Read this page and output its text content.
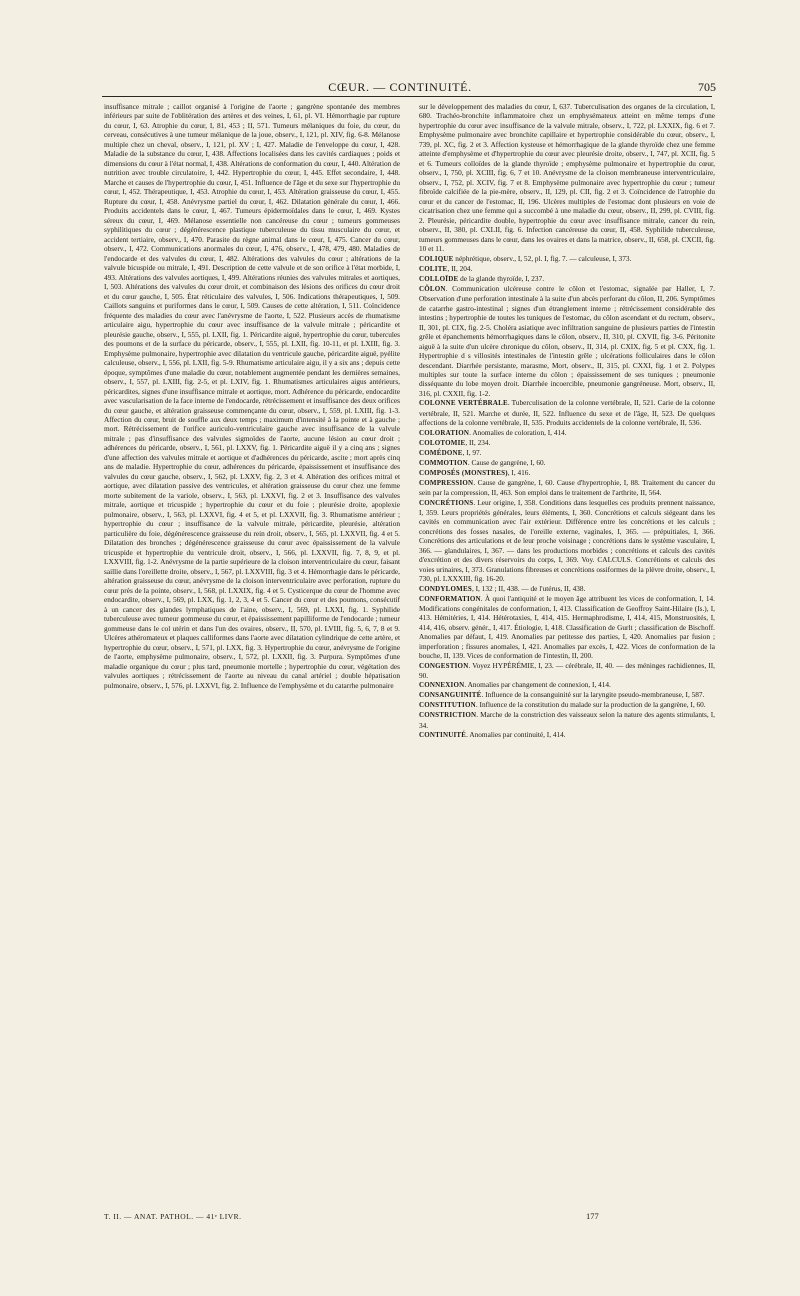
CŒUR. — CONTINUITÉ.	705

insuffisance mitrale ; caillot organisé à l'origine de l'aorte ; gangrène spontanée des membres inférieurs par suite de l'oblitération des artères et des veines, I, 61, pl. VI. Hémorrhagie par rupture du cœur, I, 63. Atrophie du cœur, I, 81, 453 ; II, 571. Tumeurs mélaniques du foie, du cœur, du cerveau, consécutives à une tumeur mélanique de la joue, observ., I, 121, pl. XIV, fig. 6-8. Mélanose multiple chez un cheval, observ., I, 121, pl. XV ; I, 427. Maladie de l'enveloppe du cœur, I, 428. Maladie de la substance du cœur, I, 438. Affections localisées dans les cavités cardiaques ; poids et dimensions du cœur à l'état normal, I, 438. Altérations de conformation du cœur, I, 440. Altération de nutrition avec trouble circulatoire, I, 442. Hypertrophie du cœur, I, 445. Effet secondaire, I, 448. Marche et causes de l'hypertrophie du cœur, I, 451. Influence de l'âge et du sexe sur l'hypertrophie du cœur, I, 452. Thérapeutique, I, 453. Atrophie du cœur, I, 453. Altération graisseuse du cœur, I, 455. Rupture du cœur, I, 458. Anévrysme partiel du cœur, I, 462. Dilatation générale du cœur, I, 466. Produits accidentels dans le cœur, I, 467. Tumeurs épidermoïdales dans le cœur, I, 469. Kystes séreux du cœur, I, 469. Mélanose essentielle non cancéreuse du cœur ; tumeurs gommeuses syphilitiques du cœur ; dégénérescence plastique tuberculeuse du tissu musculaire du cœur, et accident tertiaire, observ., I, 470. Parasite du règne animal dans le cœur, I, 475. Cancer du cœur, observ., I, 472. Communications anormales du cœur, I, 476, observ., I, 478, 479, 480. Maladies de l'endocarde et des valvules du cœur, I, 482. Altérations des valvules du cœur ; altérations de la valvule bicuspide ou mitrale, I, 491. Description de cette valvule et de son orifice à l'état morbide, I, 493. Altérations des valvules aortiques, I, 499. Altérations réunies des valvules mitrales et aortiques, I, 503. Altérations des valvules du cœur droit, et combinaison des lésions des orifices du cœur droit et du cœur gauche, I, 505. État réticulaire des valvules, I, 506. Indications thérapeutiques, I, 509. Caillots sanguins et puriformes dans le cœur, I, 509. Causes de cette altération, I, 511. Coïncidence fréquente des maladies du cœur avec l'anévrysme de l'aorte, I, 522. Plusieurs accès de rhumatisme articulaire aigu, hypertrophie du cœur avec insuffisance de la valvule mitrale ; péricardite et pleurésie gauche, observ., I, 555, pl. LXII, fig. 1. Péricardite aiguë, hypertrophie du cœur, tubercules des poumons et de la surface du péricarde, observ., I, 555, pl. LXII, fig. 10-11, et pl. LXIII, fig. 3. Emphysème pulmonaire, hypertrophie avec dilatation du ventricule gauche, péricardite aiguë, pyélite calculeuse, observ., I, 556, pl. LXII, fig. 5-9. Rhumatisme articulaire aigu, il y a six ans ; depuis cette époque, symptômes d'une maladie du cœur, notablement augmentée pendant les dernières semaines, observ., I, 557, pl. LXIII, fig. 2-5, et pl. LXIV, fig. 1. Rhumatismes articulaires aigus antérieurs, péricardites, signes d'une insuffisance mitrale et aortique, mort. Adhérence du péricarde, endocardite avec vascularisation de la face interne de l'endocarde, rétrécissement et insuffisance des deux orifices du cœur gauche, et altération graisseuse commençante du cœur, observ., I, 559, pl. LXIII, fig. 1-3. Affection du cœur, bruit de souffle aux deux temps ; maximum d'intensité à la pointe et à gauche ; mort. Rétrécissement de l'orifice auriculo-ventriculaire gauche avec insuffisance de la valvule mitrale ; pas d'insuffisance des valvules sigmoïdes de l'aorte, aucune lésion au cœur droit ; adhérences du péricarde, observ., I, 561, pl. LXXV, fig. 1. Péricardite aiguë il y a cinq ans ; signes d'une affection des valvules mitrale et aortique et d'adhérences du péricarde, ascite ; mort après cinq ans de maladie. Hypertrophie du cœur, adhérences du péricarde, épaississement et insuffisance des valvules du cœur gauche, observ., I, 562, pl. LXXV, fig. 2, 3 et 4. Altération des orifices mitral et aortique, avec dilatation passive des ventricules, et altération graisseuse du cœur chez une femme morte subitement de la variole, observ., I, 563, pl. LXXVI, fig. 2 et 3. Insuffisance des valvules mitrale, aortique et tricuspide ; hypertrophie du cœur et du foie ; pleurésie droite, apoplexie pulmonaire, observ., I, 563, pl. LXXVI, fig. 4 et 5, et pl. LXXVII, fig. 3. Rhumatisme antérieur ; hypertrophie du cœur ; insuffisance de la valvule mitrale, péricardite, pleurésie, altération particulière du foie, dégénérescence graisseuse du rein droit, observ., I, 565, pl. LXXVII, fig. 4 et 5. Dilatation des bronches ; dégénérescence graisseuse du cœur avec épaississement de la valvule tricuspide et hypertrophie du ventricule droit, observ., I, 566, pl. LXXVII, fig. 7, 8, 9, et pl. LXXVIII, fig. 1-2. Anévrysme de la partie supérieure de la cloison interventriculaire du cœur, faisant saillie dans l'oreillette droite, observ., I, 567, pl. LXXVIII, fig. 3 et 4. Hémorrhagie dans le péricarde, altération graisseuse du cœur, anévrysme de la cloison interventriculaire avec perforation, rupture du cœur près de la pointe, observ., I, 568, pl. LXXIX, fig. 4 et 5. Cysticerque du cœur de l'homme avec endocardite, observ., I, 569, pl. LXX, fig. 1, 2, 3, 4 et 5. Cancer du cœur et des poumons, consécutif à un cancer des glandes lymphatiques de l'aine, observ., I, 569, pl. LXXI, fig. 1. Syphilide tuberculeuse avec tumeur gommeuse du cœur, et épaississement papilliforme de l'endocarde ; tumeur gommeuse dans le col utérin et dans l'un des ovaires, observ., II, 570, pl. LVIII, fig. 5, 6, 7, 8 et 9. Ulcères athéromateux et plaques calliformes dans l'aorte avec dilatation cylindrique de cette artère, et hypertrophie du cœur, observ., I, 571, pl. LXX, fig. 3. Hypertrophie du cœur, anévrysme de l'origine de l'aorte, emphysème pulmonaire, observ., I, 572, pl. LXXII, fig. 3. Purpura. Symptômes d'une maladie organique du cœur ; plus tard, pneumonie mortelle ; hypertrophie du cœur, végétation des valvules aortiques ; rétrécissement de l'aorte au niveau du canal artériel ; double hépatisation pulmonaire, observ., I, 576, pl. LXXVI, fig. 2. Influence de l'emphysème et du catarrhe pulmonaire

sur le développement des maladies du cœur, I, 637. Tuberculisation des organes de la circulation, I, 680. Trachéo-bronchite inflammatoire chez un emphysémateux atteint en même temps d'une hypertrophie du cœur avec insuffisance de la valvule mitrale, observ., I, 722, pl. LXXIX, fig. 6 et 7. Emphysème pulmonaire avec bronchite capillaire et hypertrophie considérable du cœur, observ., I, 739, pl. XC, fig. 2 et 3. Affection kysteuse et hémorrhagique de la glande thyroïde chez une femme atteinte d'emphysème et d'hypertrophie du cœur avec pleurésie droite, observ., I, 747, pl. XCII, fig. 5 et 6. Tumeurs colloïdes de la glande thyroïde ; emphysème pulmonaire et hypertrophie du cœur, observ., I, 750, pl. XCIII, fig. 6, 7 et 10. Anévrysme de la cloison membraneuse interventriculaire, observ., I, 752, pl. XCIV, fig. 7 et 8. Emphysème pulmonaire avec hypertrophie du cœur ; tumeur fibroïde calcifiée de la pie-mère, observ., II, 129, pl. CII, fig. 2 et 3. Coïncidence de l'atrophie du cœur et du cancer de l'estomac, II, 196. Ulcères multiples de l'estomac dont plusieurs en voie de cicatrisation chez une femme qui a succombé à une maladie du cœur, observ., II, 299, pl. CVIII, fig. 2. Pleurésie, péricardite double, hypertrophie du cœur avec insuffisance mitrale, cancer du rein, observ., II, 380, pl. CXLII, fig. 6. Infection cancéreuse du cœur, II, 458. Syphilide tuberculeuse, tumeurs gommeuses dans le cœur, dans les ovaires et dans la matrice, observ., II, 658, pl. CXCII, fig. 10 et 11.

COLIQUE néphrétique, observ., I, 52, pl. I, fig. 7. — calculeuse, I, 373.

COLITE, II, 204.

COLLOÏDE de la glande thyroïde, I, 237.

CÔLON. Communication ulcéreuse contre le côlon et l'estomac, signalée par Haller, I, 7. Observation d'une perforation intestinale à la suite d'un abcès perforant du côlon, II, 206. Symptômes de catarrhe gastro-intestinal ; signes d'un étranglement interne ; rétrécissement considérable des intestins ; hypertrophie de toutes les tuniques de l'estomac, du côlon ascendant et du rectum, observ., II, 301, pl. CIX, fig. 2-5. Choléra asiatique avec infiltration sanguine de plusieurs parties de l'intestin grêle et épanchements hémorrhagiques dans le côlon, observ., II, 310, pl. CXVII, fig. 3-6. Péritonite aiguë à la suite d'un ulcère chronique du côlon, observ., II, 314, pl. CXIX, fig. 5 et pl. CXX, fig. 1. Hypertrophie d s villosités intestinales de l'intestin grêle ; ulcérations folliculaires dans le côlon descendant. Diarrhée persistante, marasme, Mort, observ., II, 315, pl. CXXI, fig. 1 et 2. Polypes multiples sur toute la surface interne du côlon ; épaississement de ses tuniques ; pneumonie disséquante du lobe moyen droit. Diarrhée incoercible, pneumonie gangréneuse. Mort, observ., II, 316, pl. CXXII, fig. 1-2.

COLONNE VERTÉBRALE. Tuberculisation de la colonne vertébrale, II, 521. Carie de la colonne vertébrale, II, 521. Marche et durée, II, 522. Influence du sexe et de l'âge, II, 523. De quelques affections de la colonne vertébrale, II, 535. Produits accidentels de la colonne vertébrale, II, 536.

COLORATION. Anomalies de coloration, I, 414.

COLOTOMIE, II, 234.

COMÉDONE, I, 97.

COMMOTION. Cause de gangrène, I, 60.

COMPOSÉS (MONSTRES), I, 416.

COMPRESSION. Cause de gangrène, I, 60. Cause d'hypertrophie, I, 88. Traitement du cancer du sein par la compression, II, 463. Son emploi dans le traitement de l'arthrite, II, 564.

CONCRÉTIONS. Leur origine, I, 358. Conditions dans lesquelles ces produits prennent naissance, I, 359. Leurs propriétés générales, leurs éléments, I, 360. Concrétions et calculs siégeant dans les cavités en communication avec l'air extérieur. Différence entre les concrétions et les calculs ; concrétions des fosses nasales, de l'oreille externe, vaginales, I, 365. — prépuitiales, I, 366. Concrétions des articulations et de leur proche voisinage ; concrétions dans le système vasculaire, I, 366. — glandulaires, I, 367. — dans les productions morbides ; concrétions et calculs des cavités d'excrétion et des divers réservoirs du corps, I, 369. Voy. CALCULS. Concrétions et calculs des voies urinaires, I, 373. Granulations fibreuses et concrétions ossiformes de la plèvre droite, observ., I, 730, pl. LXXXIII, fig. 16-20.

CONDYLOMES, I, 132 ; II, 438. — de l'utérus, II, 438.

CONFORMATION. À quoi l'antiquité et le moyen âge attribuent les vices de conformation, I, 14. Modifications congénitales de conformation, I, 413. Classification de Geoffroy Saint-Hilaire (Is.), I, 413. Hémitéries, I, 414. Hétérotaxies, I, 414, 415. Hermaphrodisme, I, 414, 415, Monstruosités, I, 414, 416, observ. génér., I, 417. Étiologie, I, 418. Classification de Gurlt ; classification de Bischoff. Anomalies par défaut, I, 419. Anomalies par petitesse des parties, I, 420. Anomalies par fusion ; imperforation ; fissures anomales, I, 421. Anomalies par excès, I, 422. Vices de conformation de la bouche, II, 139. Vices de conformation de l'intestin, II, 200.

CONGESTION. Voyez HYPÉRÉMIE, I, 23. — cérébrale, II, 40. — des méninges rachidiennes, II, 90.

CONNEXION. Anomalies par changement de connexion, I, 414.

CONSANGUINITÉ. Influence de la consanguinité sur la laryngite pseudo-membraneuse, I, 587.

CONSTITUTION. Influence de la constitution du malade sur la production de la gangrène, I, 60.

CONSTRICTION. Marche de la constriction des vaisseaux selon la nature des agents stimulants, I, 34.

CONTINUITÉ. Anomalies par continuité, I, 414.

T. II. — ANAT. PATHOL. — 41ᵉ LIVR.	177
